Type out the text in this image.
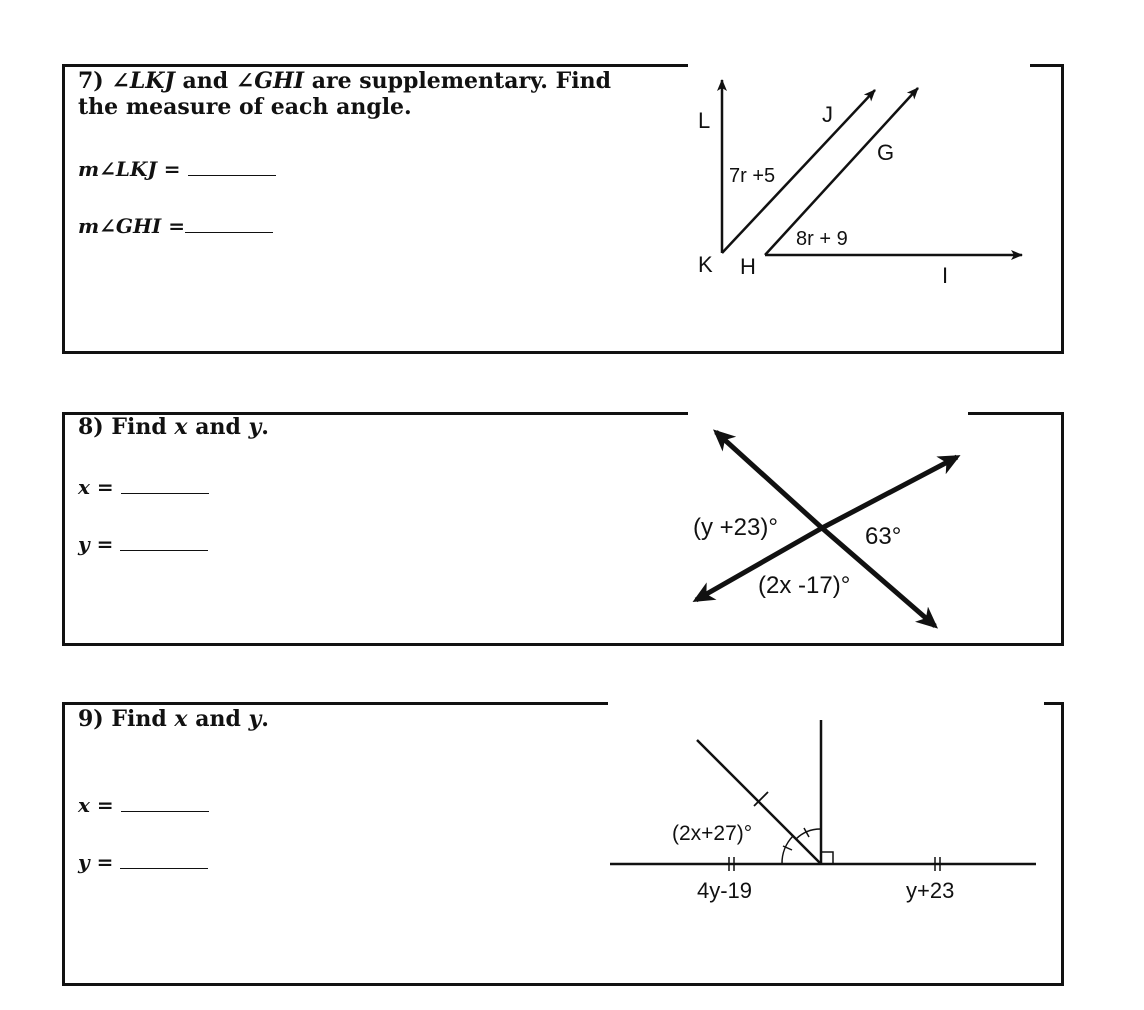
7) ∠LKJ and ∠GHI are supplementary. Find
the measure of each angle.
m∠LKJ =
m∠GHI =
8) Find x and y.
x =
y =
9) Find x and y.
x =
y =
L	J
G
K H	I
7r +5
8r + 9
(y +23)°	63°
(2x -17)°
(2x+27)°
4y-19	y+23
